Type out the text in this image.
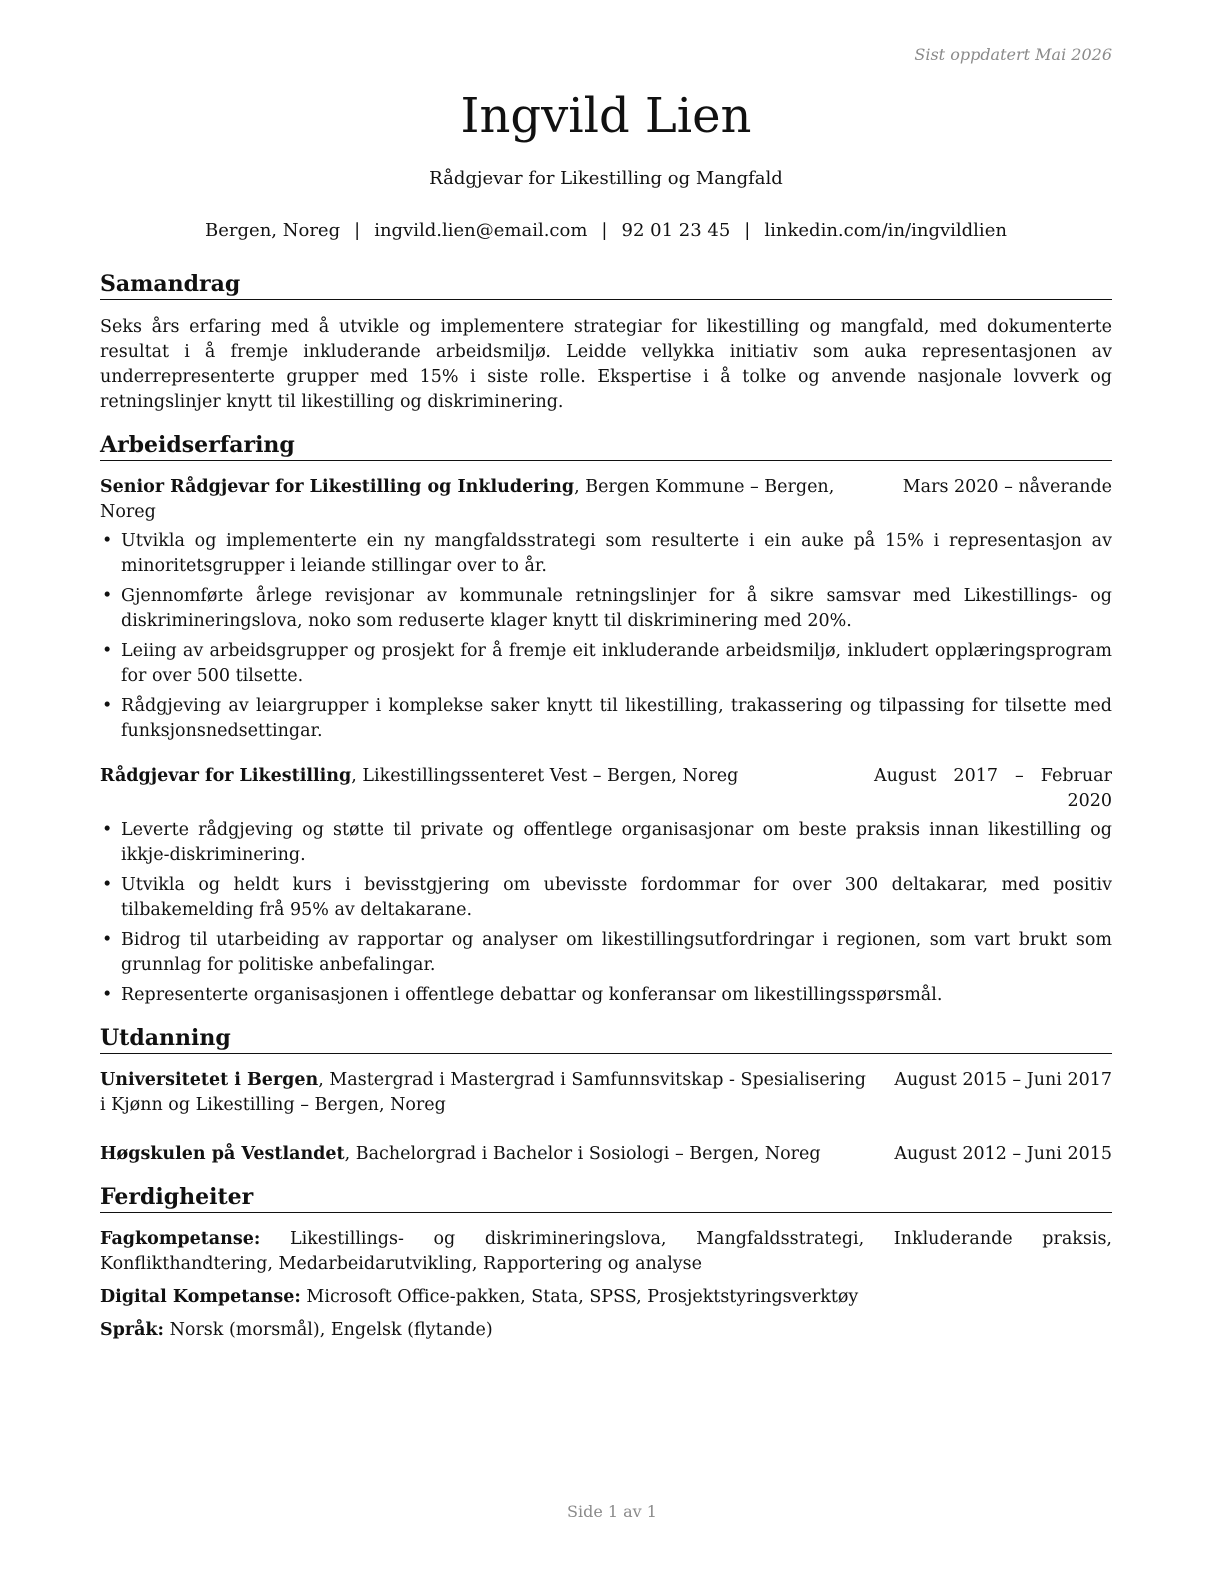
Sist oppdatert Mai 2026
Ingvild Lien
Rådgjevar for Likestilling og Mangfald
Bergen, Noreg | ingvild.lien@email.com | 92 01 23 45 | linkedin.com/in/ingvildlien
Samandrag

Seks års erfaring med å utvikle og implementere strategiar for likestilling og mangfald, med dokumenterte resultat i å fremje inkluderande arbeidsmiljø. Leidde vellykka initiativ som auka representasjonen av underrepresenterte grupper med 15% i siste rolle. Ekspertise i å tolke og anvende nasjonale lovverk og retningslinjer knytt til likestilling og diskriminering.

Arbeidserfaring
Senior Rådgjevar for Likestilling og Inkludering, Bergen Kommune – Bergen, Noreg
Mars 2020 – nåverande
• Utvikla og implementerte ein ny mangfaldsstrategi som resulterte i ein auke på 15% i representasjon av minoritetsgrupper i leiande stillingar over to år.
• Gjennomførte årlege revisjonar av kommunale retningslinjer for å sikre samsvar med Likestillings- og diskrimineringslova, noko som reduserte klager knytt til diskriminering med 20%.
• Leiing av arbeidsgrupper og prosjekt for å fremje eit inkluderande arbeidsmiljø, inkludert opplæringsprogram for over 500 tilsette.
• Rådgjeving av leiargrupper i komplekse saker knytt til likestilling, trakassering og tilpassing for tilsette med funksjonsnedsettingar.
Rådgjevar for Likestilling, Likestillingssenteret Vest – Bergen, Noreg	August 2017 – Februar 2020
• Leverte rådgjeving og støtte til private og offentlege organisasjonar om beste praksis innan likestilling og ikkje-diskriminering.
• Utvikla og heldt kurs i bevisstgjering om ubevisste fordommar for over 300 deltakarar, med positiv tilbakemelding frå 95% av deltakarane.
• Bidrog til utarbeiding av rapportar og analyser om likestillingsutfordringar i regionen, som vart brukt som grunnlag for politiske anbefalingar.
• Representerte organisasjonen i offentlege debattar og konferansar om likestillingsspørsmål.
Utdanning
Universitetet i Bergen, Mastergrad i Mastergrad i Samfunnsvitskap - Spesialisering i Kjønn og Likestilling – Bergen, Noreg
August 2015 – Juni 2017
Høgskulen på Vestlandet, Bachelorgrad i Bachelor i Sosiologi – Bergen, Noreg	August 2012 – Juni 2015
Ferdigheiter

Fagkompetanse: Likestillings- og diskrimineringslova, Mangfaldsstrategi, Inkluderande praksis, Konflikthandtering, Medarbeidarutvikling, Rapportering og analyse

Digital Kompetanse: Microsoft Office-pakken, Stata, SPSS, Prosjektstyringsverktøy

Språk: Norsk (morsmål), Engelsk (flytande)

Side 1 av 1
